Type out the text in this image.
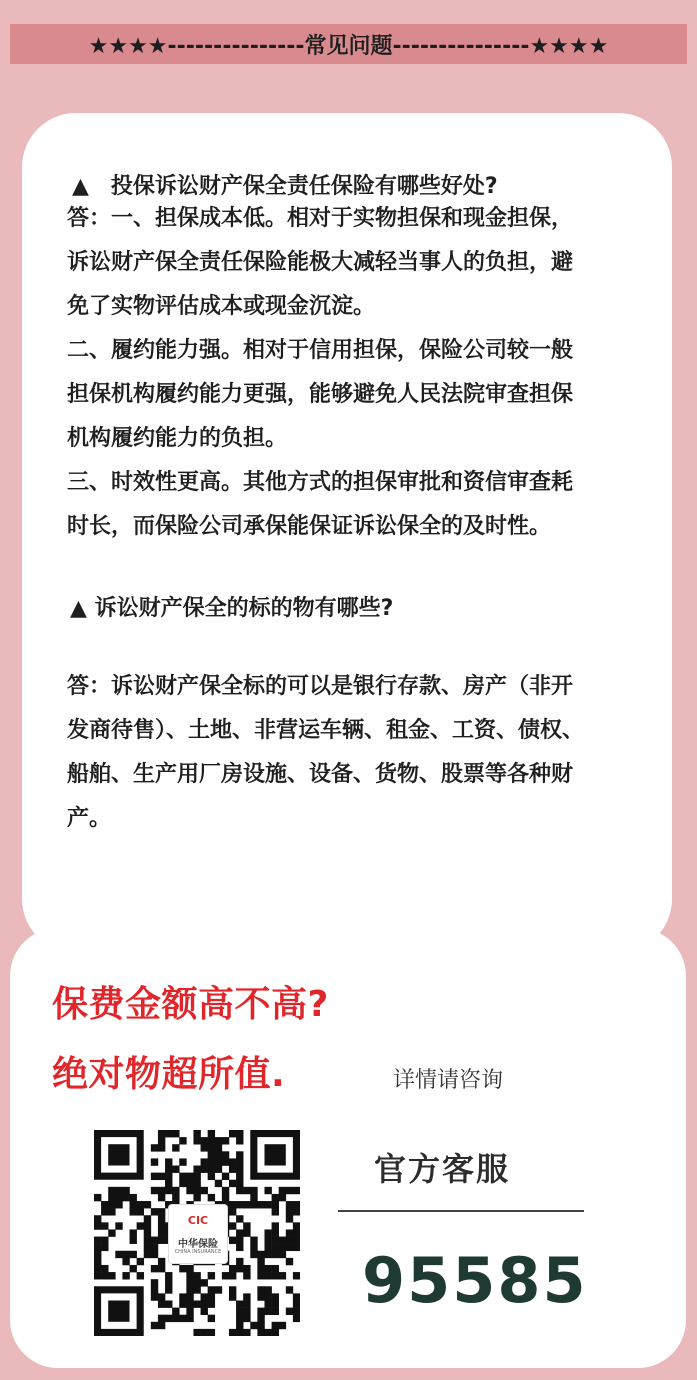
★★★★---------------常见问题---------------★★★★
▲　投保诉讼财产保全责任保险有哪些好处?
答：一、担保成本低。相对于实物担保和现金担保，
诉讼财产保全责任保险能极大减轻当事人的负担，避
免了实物评估成本或现金沉淀。
二、履约能力强。相对于信用担保，保险公司较一般
担保机构履约能力更强，能够避免人民法院审查担保
机构履约能力的负担。
三、时效性更高。其他方式的担保审批和资信审查耗
时长，而保险公司承保能保证诉讼保全的及时性。
▲ 诉讼财产保全的标的物有哪些?
答：诉讼财产保全标的可以是银行存款、房产（非开
发商待售）、土地、非营运车辆、租金、工资、债权、
船舶、生产用厂房设施、设备、货物、股票等各种财
产。
保费金额高不高?
绝对物超所值.	详情请咨询
CIC
中华保险
CHINA INSURANCE
官方客服
95585
